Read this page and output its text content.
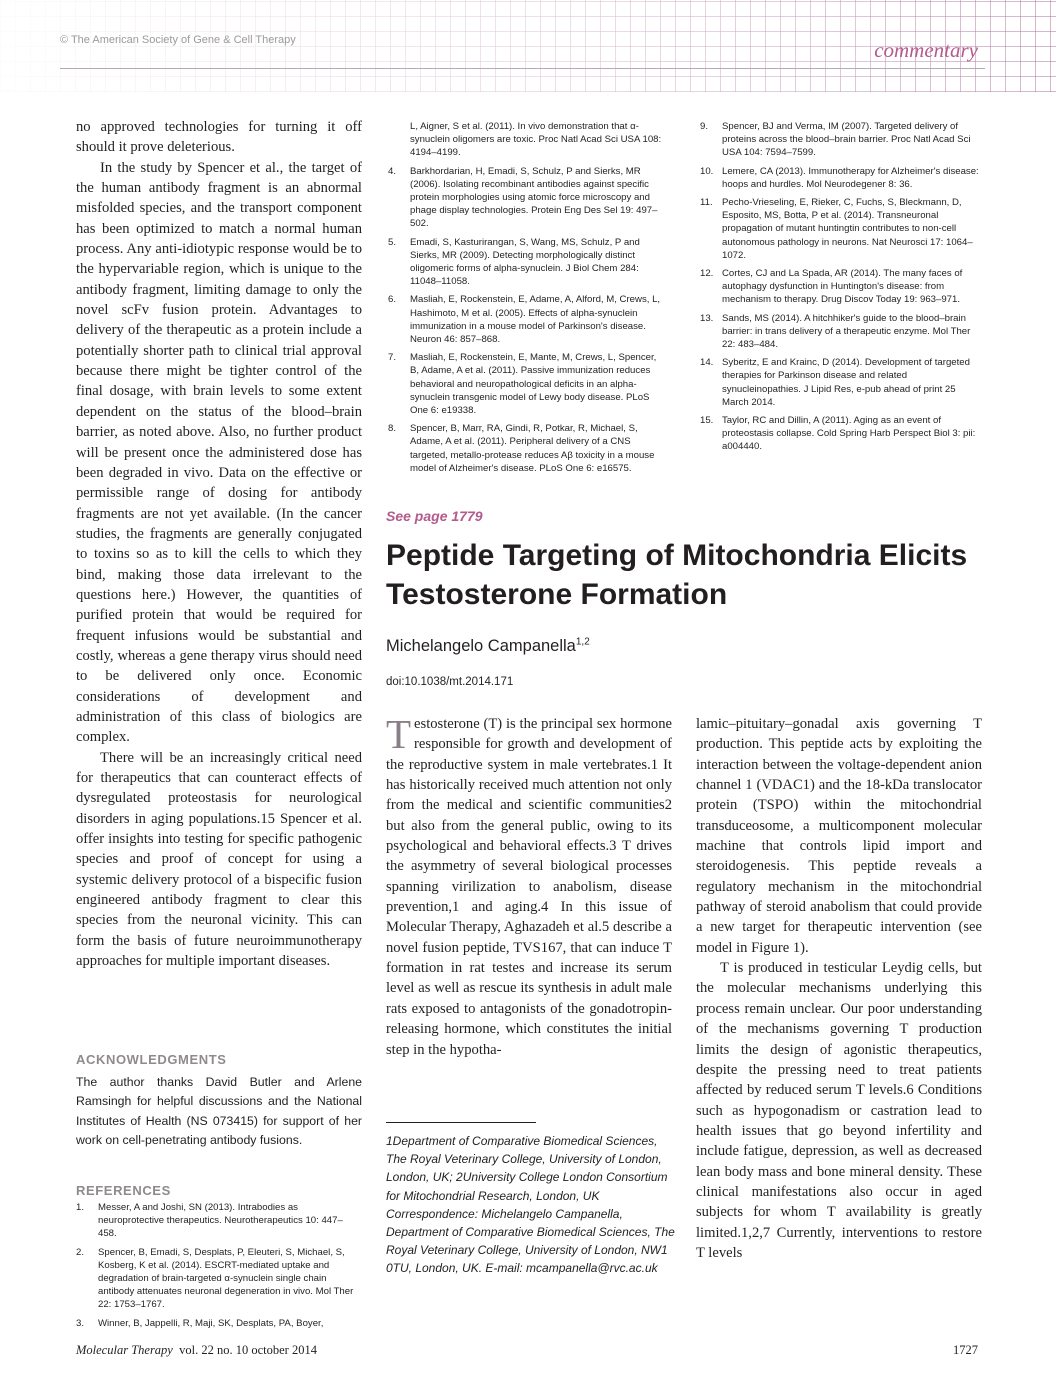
© The American Society of Gene & Cell Therapy	commentary

no approved technologies for turning it off should it prove deleterious.

In the study by Spencer et al., the target of the human antibody fragment is an abnormal misfolded species, and the transport component has been optimized to match a normal human process. Any anti-idiotypic response would be to the hypervariable region, which is unique to the antibody fragment, limiting damage to only the novel scFv fusion protein. Advantages to delivery of the therapeutic as a protein include a potentially shorter path to clinical trial approval because there might be tighter control of the final dosage, with brain levels to some extent dependent on the status of the blood–brain barrier, as noted above. Also, no further product will be present once the administered dose has been degraded in vivo. Data on the effective or permissible range of dosing for antibody fragments are not yet available. (In the cancer studies, the fragments are generally conjugated to toxins so as to kill the cells to which they bind, making those data irrelevant to the questions here.) However, the quantities of purified protein that would be required for frequent infusions would be substantial and costly, whereas a gene therapy virus should need to be delivered only once. Economic considerations of development and administration of this class of biologics are complex.

There will be an increasingly critical need for therapeutics that can counteract effects of dysregulated proteostasis for neurological disorders in aging populations.15 Spencer et al. offer insights into testing for specific pathogenic species and proof of concept for using a systemic delivery protocol of a bispecific fusion engineered antibody fragment to clear this species from the neuronal vicinity. This can form the basis of future neuroimmunotherapy approaches for multiple important diseases.

ACKNOWLEDGMENTS
The author thanks David Butler and Arlene Ramsingh for helpful discussions and the National Institutes of Health (NS 073415) for support of her work on cell-penetrating antibody fusions.
REFERENCES
1. Messer, A and Joshi, SN (2013). Intrabodies as neuroprotective therapeutics. Neurotherapeutics 10: 447–458.
2. Spencer, B, Emadi, S, Desplats, P, Eleuteri, S, Michael, S, Kosberg, K et al. (2014). ESCRT-mediated uptake and degradation of brain-targeted α-synuclein single chain antibody attenuates neuronal degeneration in vivo. Mol Ther 22: 1753–1767.
3. Winner, B, Jappelli, R, Maji, SK, Desplats, PA, Boyer,
L, Aigner, S et al. (2011). In vivo demonstration that α-synuclein oligomers are toxic. Proc Natl Acad Sci USA 108: 4194–4199.
4. Barkhordarian, H, Emadi, S, Schulz, P and Sierks, MR (2006). Isolating recombinant antibodies against specific protein morphologies using atomic force microscopy and phage display technologies. Protein Eng Des Sel 19: 497–502.
5. Emadi, S, Kasturirangan, S, Wang, MS, Schulz, P and Sierks, MR (2009). Detecting morphologically distinct oligomeric forms of alpha-synuclein. J Biol Chem 284: 11048–11058.
6. Masliah, E, Rockenstein, E, Adame, A, Alford, M, Crews, L, Hashimoto, M et al. (2005). Effects of alpha-synuclein immunization in a mouse model of Parkinson's disease. Neuron 46: 857–868.
7. Masliah, E, Rockenstein, E, Mante, M, Crews, L, Spencer, B, Adame, A et al. (2011). Passive immunization reduces behavioral and neuropathological deficits in an alpha-synuclein transgenic model of Lewy body disease. PLoS One 6: e19338.
8. Spencer, B, Marr, RA, Gindi, R, Potkar, R, Michael, S, Adame, A et al. (2011). Peripheral delivery of a CNS targeted, metallo-protease reduces Aβ toxicity in a mouse model of Alzheimer's disease. PLoS One 6: e16575.
9. Spencer, BJ and Verma, IM (2007). Targeted delivery of proteins across the blood–brain barrier. Proc Natl Acad Sci USA 104: 7594–7599.
10. Lemere, CA (2013). Immunotherapy for Alzheimer's disease: hoops and hurdles. Mol Neurodegener 8: 36.
11. Pecho-Vrieseling, E, Rieker, C, Fuchs, S, Bleckmann, D, Esposito, MS, Botta, P et al. (2014). Transneuronal propagation of mutant huntingtin contributes to non-cell autonomous pathology in neurons. Nat Neurosci 17: 1064–1072.
12. Cortes, CJ and La Spada, AR (2014). The many faces of autophagy dysfunction in Huntington's disease: from mechanism to therapy. Drug Discov Today 19: 963–971.
13. Sands, MS (2014). A hitchhiker's guide to the blood–brain barrier: in trans delivery of a therapeutic enzyme. Mol Ther 22: 483–484.
14. Syberitz, E and Krainc, D (2014). Development of targeted therapies for Parkinson disease and related synucleinopathies. J Lipid Res, e-pub ahead of print 25 March 2014.
15. Taylor, RC and Dillin, A (2011). Aging as an event of proteostasis collapse. Cold Spring Harb Perspect Biol 3: pii: a004440.
See page 1779
Peptide Targeting of Mitochondria Elicits Testosterone Formation
Michelangelo Campanella$^{1,2}$
doi:10.1038/mt.2014.171

Testosterone (T) is the principal sex hormone responsible for growth and development of the reproductive system in male vertebrates.1 It has historically received much attention not only from the medical and scientific communities2 but also from the general public, owing to its psychological and behavioral effects.3 T drives the asymmetry of several biological processes spanning virilization to anabolism, disease prevention,1 and aging.4 In this issue of Molecular Therapy, Aghazadeh et al.5 describe a novel fusion peptide, TVS167, that can induce T formation in rat testes and increase its serum level as well as rescue its synthesis in adult male rats exposed to antagonists of the gonadotropin-releasing hormone, which constitutes the initial step in the hypotha-

lamic–pituitary–gonadal axis governing T production. This peptide acts by exploiting the interaction between the voltage-dependent anion channel 1 (VDAC1) and the 18-kDa translocator protein (TSPO) within the mitochondrial transduceosome, a multicomponent molecular machine that controls lipid import and steroidogenesis. This peptide reveals a regulatory mechanism in the mitochondrial pathway of steroid anabolism that could provide a new target for therapeutic intervention (see model in Figure 1).

T is produced in testicular Leydig cells, but the molecular mechanisms underlying this process remain unclear. Our poor understanding of the mechanisms governing T production limits the design of agonistic therapeutics, despite the pressing need to treat patients affected by reduced serum T levels.6 Conditions such as hypogonadism or castration lead to health issues that go beyond infertility and include fatigue, depression, as well as decreased lean body mass and bone mineral density. These clinical manifestations also occur in aged subjects for whom T availability is greatly limited.1,2,7 Currently, interventions to restore T levels

1Department of Comparative Biomedical Sciences, The Royal Veterinary College, University of London, London, UK; 2University College London Consortium for Mitochondrial Research, London, UK

Correspondence: Michelangelo Campanella, Department of Comparative Biomedical Sciences, The Royal Veterinary College, University of London, NW1 0TU, London, UK. E-mail: mcampanella@rvc.ac.uk

Molecular Therapy vol. 22 no. 10 october 2014	1727
